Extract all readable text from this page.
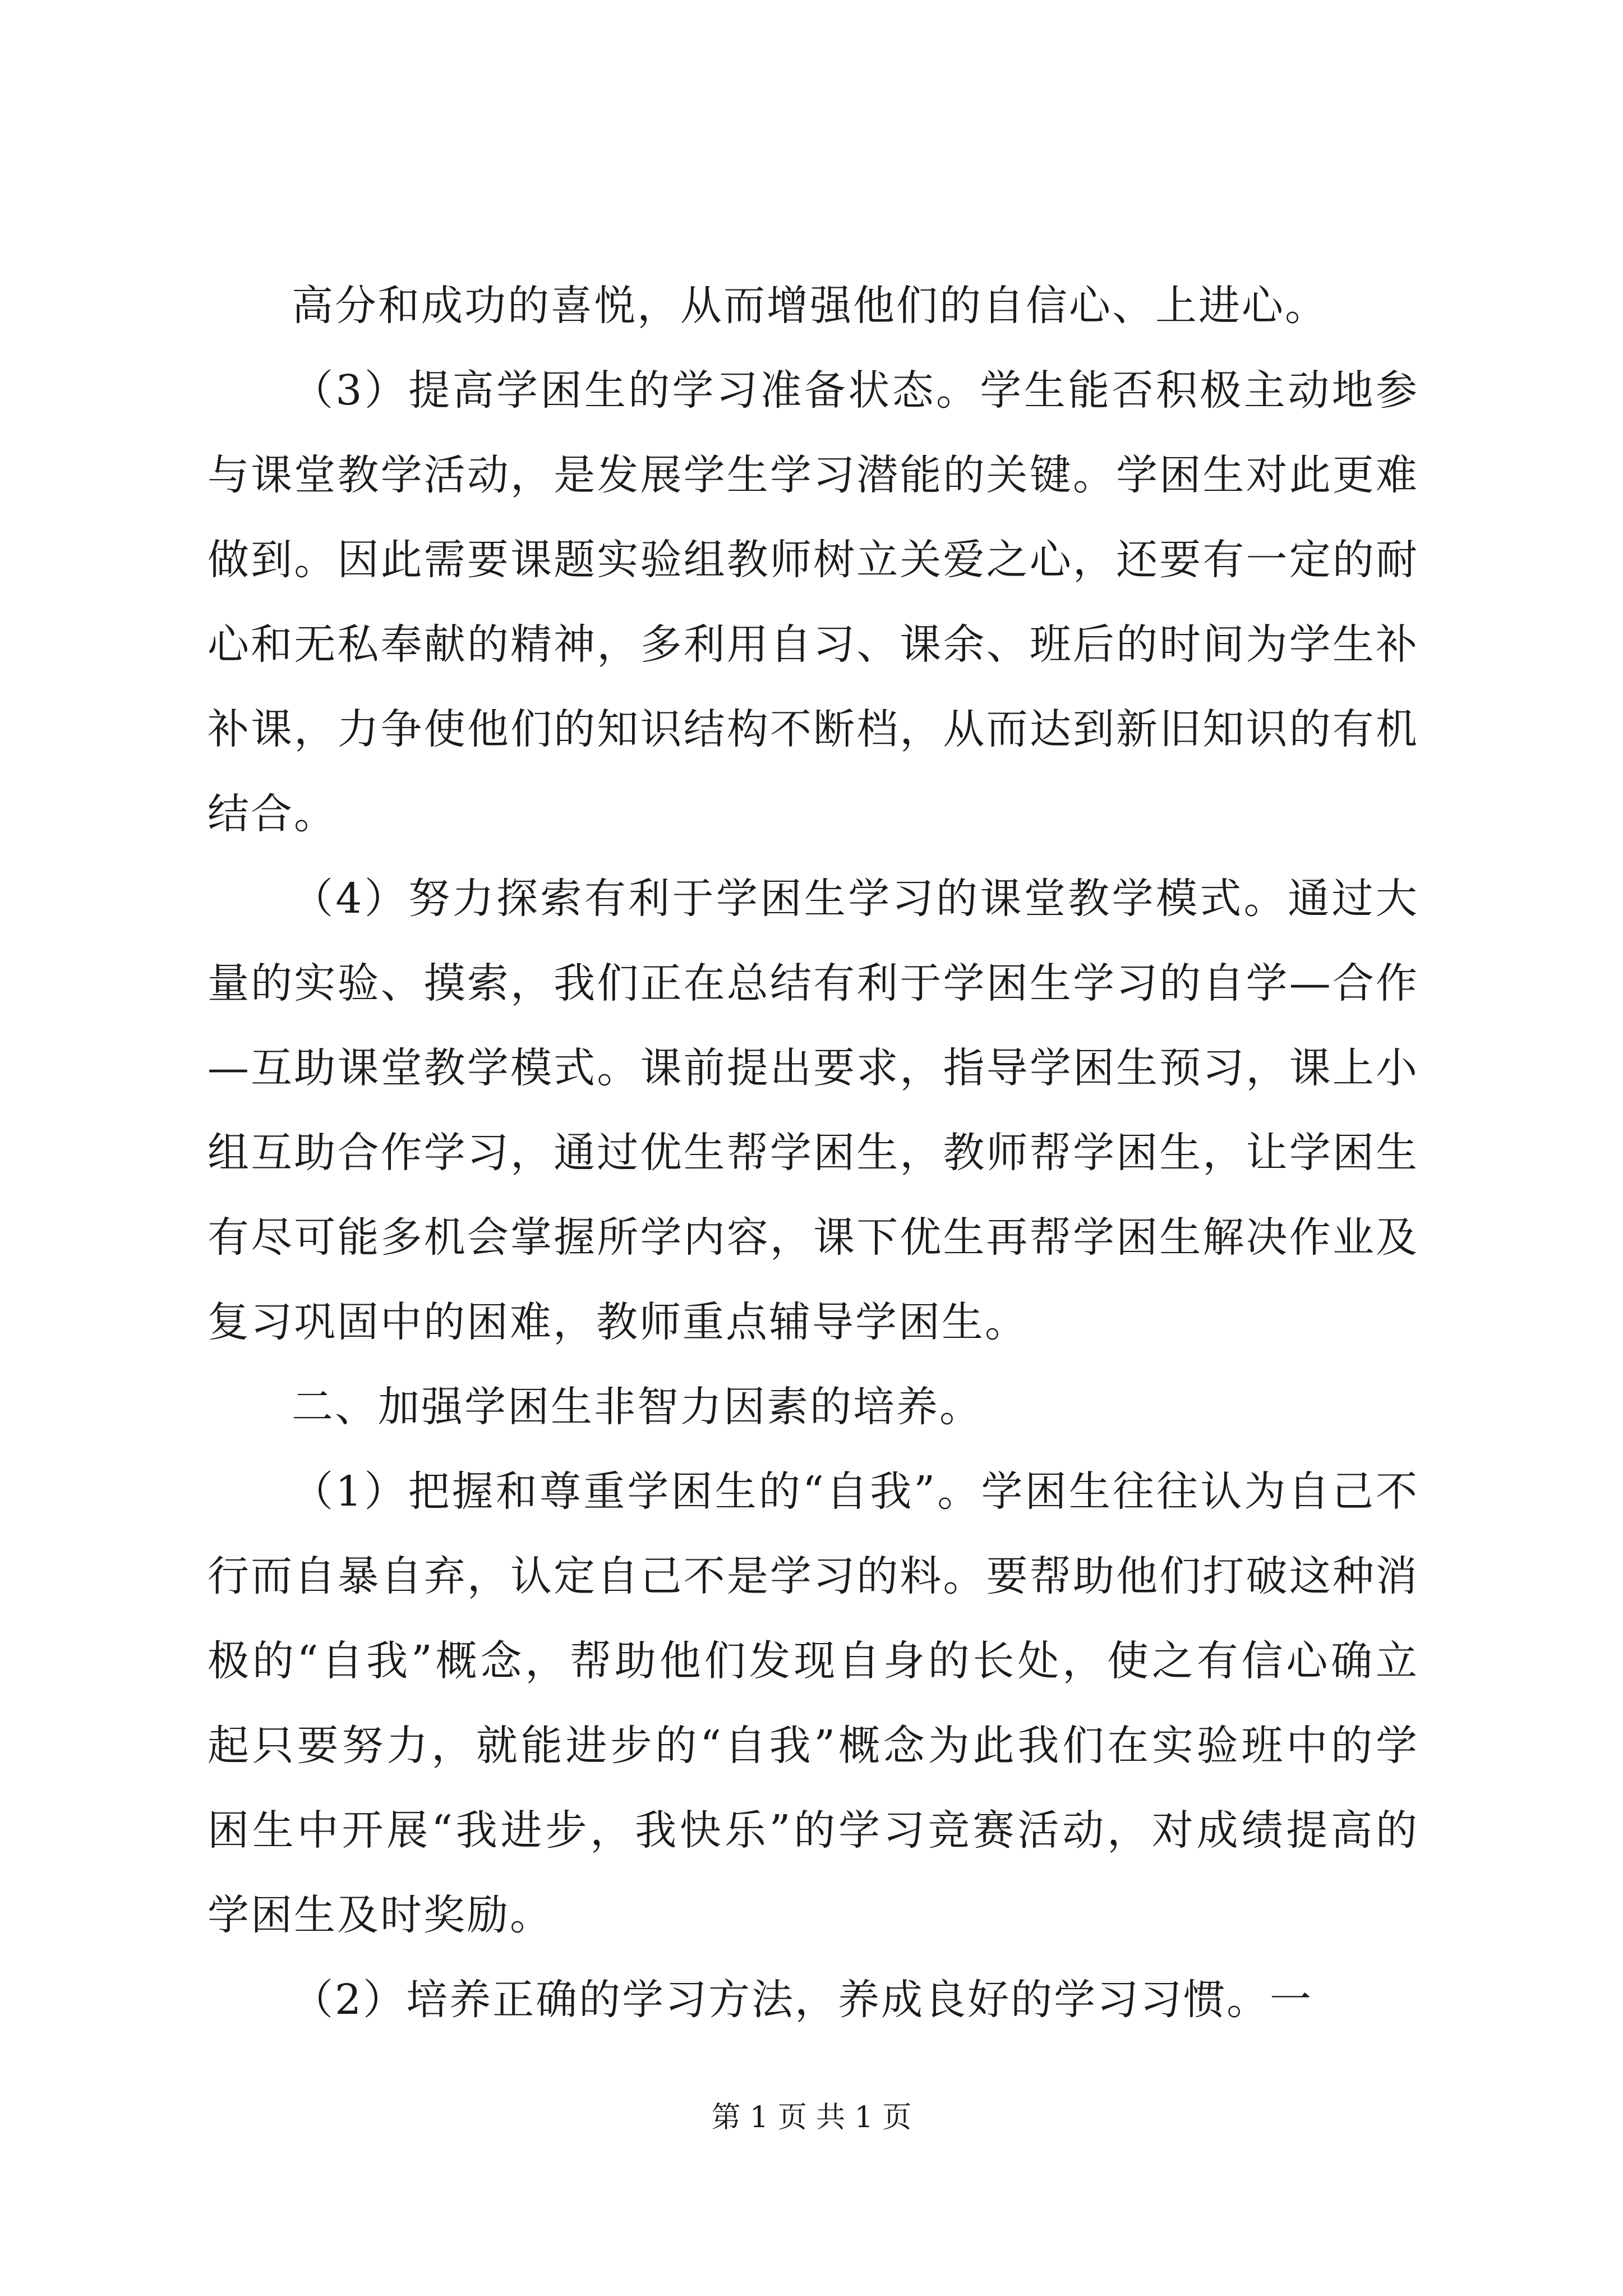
高分和成功的喜悦，从而增强他们的自信心、上进心。

（3）提高学困生的学习准备状态。学生能否积极主动地参与课堂教学活动，是发展学生学习潜能的关键。学困生对此更难做到。因此需要课题实验组教师树立关爱之心，还要有一定的耐心和无私奉献的精神，多利用自习、课余、班后的时间为学生补补课，力争使他们的知识结构不断档，从而达到新旧知识的有机结合。

（4）努力探索有利于学困生学习的课堂教学模式。通过大量的实验、摸索，我们正在总结有利于学困生学习的自学—合作—互助课堂教学模式。课前提出要求，指导学困生预习，课上小组互助合作学习，通过优生帮学困生，教师帮学困生，让学困生有尽可能多机会掌握所学内容，课下优生再帮学困生解决作业及复习巩固中的困难，教师重点辅导学困生。

二、加强学困生非智力因素的培养。

（1）把握和尊重学困生的“自我”。学困生往往认为自己不行而自暴自弃，认定自己不是学习的料。要帮助他们打破这种消极的“自我”概念，帮助他们发现自身的长处，使之有信心确立起只要努力，就能进步的“自我”概念为此我们在实验班中的学困生中开展“我进步，我快乐”的学习竞赛活动，对成绩提高的学困生及时奖励。

（2）培养正确的学习方法，养成良好的学习习惯。一

第 1 页 共 1 页
